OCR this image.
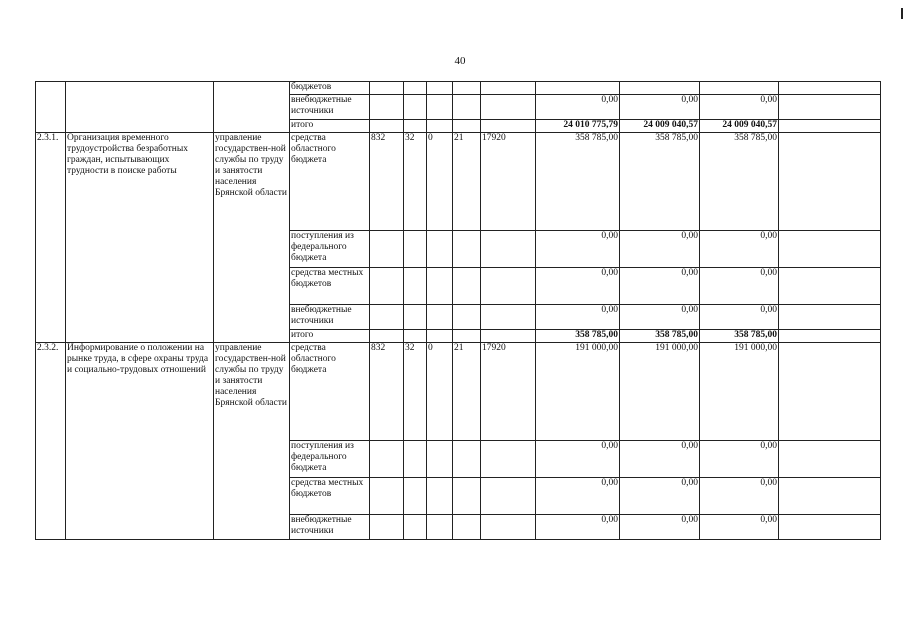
40
			бюджетов									
			внебюджетные источники						0,00	0,00	0,00	
			итого						24 010 775,79	24 009 040,57	24 009 040,57	
2.3.1.	Организация временного трудоустройства безработных граждан, испытывающих трудности в поиске работы	управление государствен-ной службы по труду и занятости населения Брянской области	средства областного бюджета	832	32	0	21	17920	358 785,00	358 785,00	358 785,00	
			поступления из федерального бюджета						0,00	0,00	0,00	
			средства местных бюджетов						0,00	0,00	0,00	
			внебюджетные источники						0,00	0,00	0,00	
			итого						358 785,00	358 785,00	358 785,00	
2.3.2.	Информирование о положении на рынке труда, в сфере охраны труда и социально-трудовых отношений	управление государствен-ной службы по труду и занятости населения Брянской области	средства областного бюджета	832	32	0	21	17920	191 000,00	191 000,00	191 000,00	
			поступления из федерального бюджета						0,00	0,00	0,00	
			средства местных бюджетов						0,00	0,00	0,00	
			внебюджетные источники						0,00	0,00	0,00	
